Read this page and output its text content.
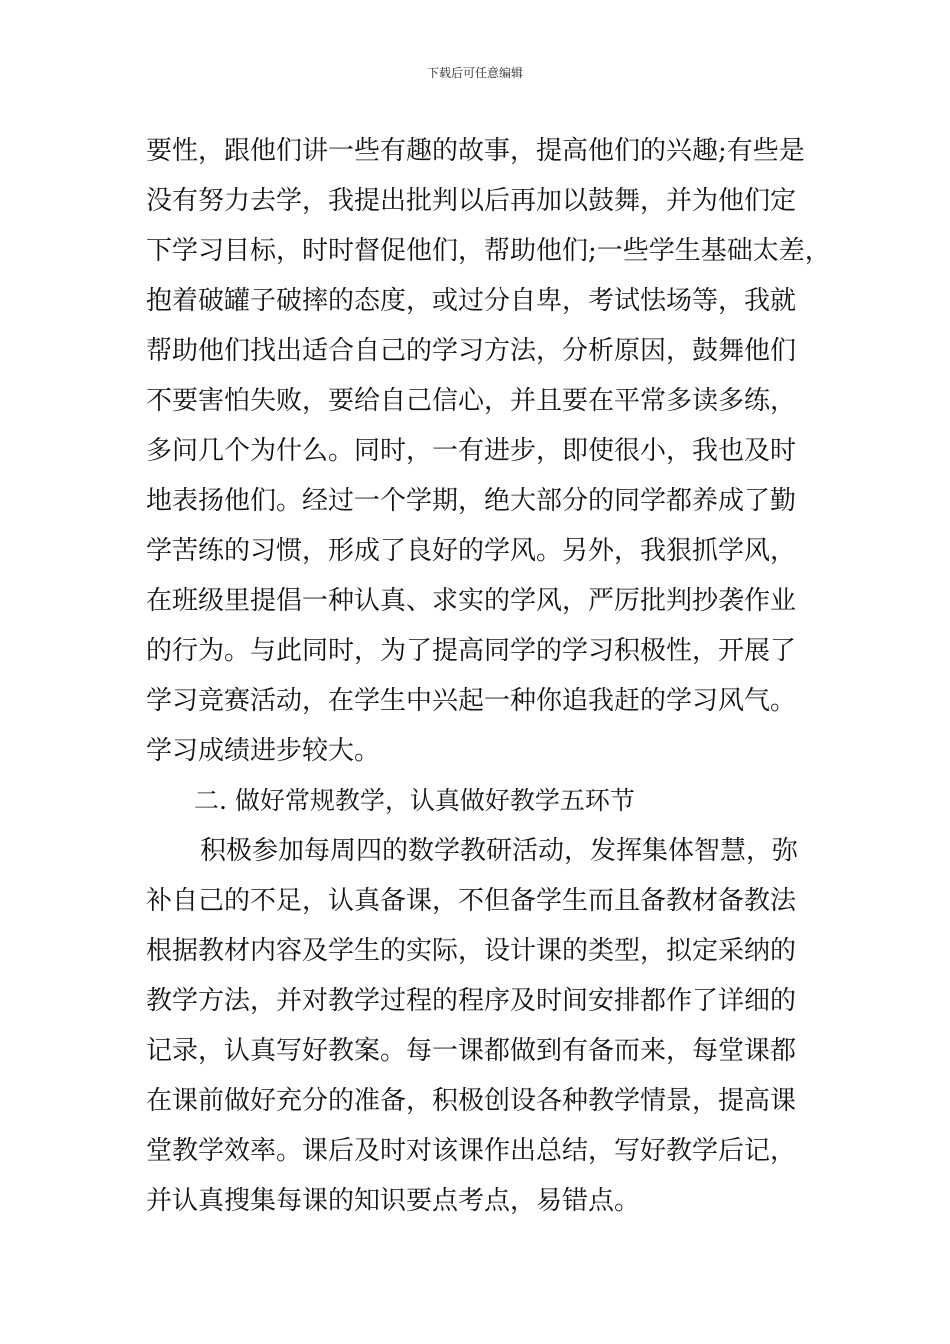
下载后可任意编辑
要性，跟他们讲一些有趣的故事，提高他们的兴趣;有些是
没有努力去学，我提出批判以后再加以鼓舞，并为他们定
下学习目标，时时督促他们，帮助他们;一些学生基础太差，
抱着破罐子破摔的态度，或过分自卑，考试怯场等，我就
帮助他们找出适合自己的学习方法，分析原因，鼓舞他们
不要害怕失败，要给自己信心，并且要在平常多读多练，
多问几个为什么。同时，一有进步，即使很小，我也及时
地表扬他们。经过一个学期，绝大部分的同学都养成了勤
学苦练的习惯，形成了良好的学风。另外，我狠抓学风，
在班级里提倡一种认真、求实的学风，严厉批判抄袭作业
的行为。与此同时，为了提高同学的学习积极性，开展了
学习竞赛活动，在学生中兴起一种你追我赶的学习风气。
学习成绩进步较大。
二. 做好常规教学，认真做好教学五环节
积极参加每周四的数学教研活动，发挥集体智慧，弥
补自己的不足，认真备课，不但备学生而且备教材备教法
根据教材内容及学生的实际，设计课的类型，拟定采纳的
教学方法，并对教学过程的程序及时间安排都作了详细的
记录，认真写好教案。每一课都做到有备而来，每堂课都
在课前做好充分的准备，积极创设各种教学情景，提高课
堂教学效率。课后及时对该课作出总结，写好教学后记，
并认真搜集每课的知识要点考点，易错点。
